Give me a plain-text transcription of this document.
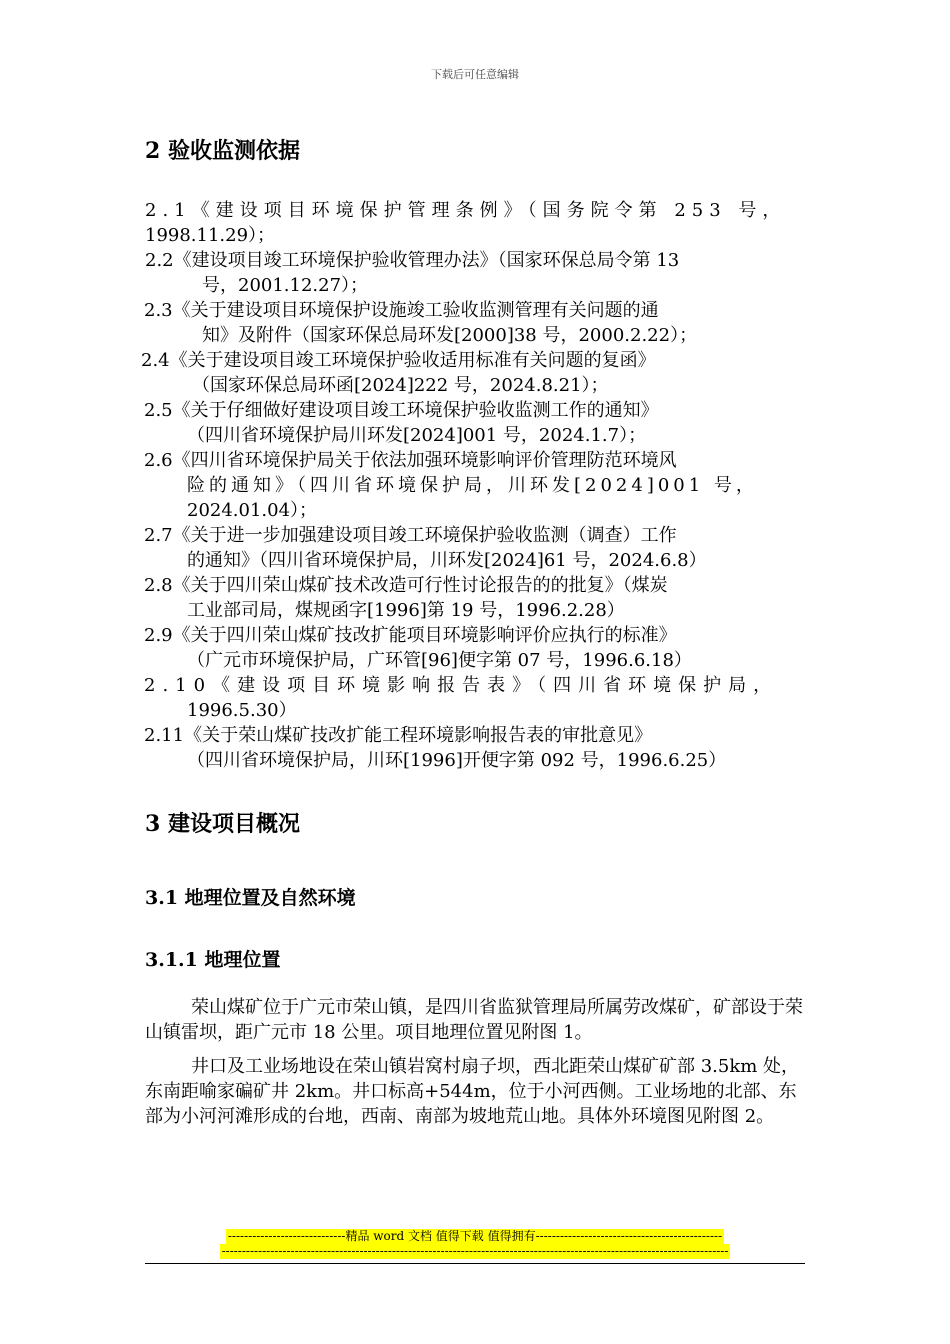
下载后可任意编辑
2 验收监测依据
2.1《建设项目环境保护管理条例》（国务院令第 253 号，
1998.11.29）；
2.2《建设项目竣工环境保护验收管理办法》（国家环保总局令第 13
号，2001.12.27）；
2.3《关于建设项目环境保护设施竣工验收监测管理有关问题的通
知》及附件（国家环保总局环发[2000]38 号，2000.2.22）；
2.4《关于建设项目竣工环境保护验收适用标准有关问题的复函》
（国家环保总局环函[2024]222 号，2024.8.21）；
2.5《关于仔细做好建设项目竣工环境保护验收监测工作的通知》
（四川省环境保护局川环发[2024]001 号，2024.1.7）；
2.6《四川省环境保护局关于依法加强环境影响评价管理防范环境风
险的通知》（四川省环境保护局，川环发[2024]001 号，
2024.01.04）；
2.7《关于进一步加强建设项目竣工环境保护验收监测（调查）工作
的通知》（四川省环境保护局，川环发[2024]61 号，2024.6.8）
2.8《关于四川荣山煤矿技术改造可行性讨论报告的的批复》（煤炭
工业部司局，煤规函字[1996]第 19 号，1996.2.28）
2.9《关于四川荣山煤矿技改扩能项目环境影响评价应执行的标准》
（广元市环境保护局，广环管[96]便字第 07 号，1996.6.18）
2.10《建设项目环境影响报告表》（四川省环境保护局，
1996.5.30）
2.11《关于荣山煤矿技改扩能工程环境影响报告表的审批意见》
（四川省环境保护局，川环[1996]开便字第 092 号，1996.6.25）
3 建设项目概况
3.1 地理位置及自然环境
3.1.1 地理位置

荣山煤矿位于广元市荣山镇，是四川省监狱管理局所属劳改煤矿，矿部设于荣山镇雷坝，距广元市 18 公里。项目地理位置见附图 1。

井口及工业场地设在荣山镇岩窝村扇子坝，西北距荣山煤矿矿部 3.5km 处，东南距喻家碥矿井 2km。井口标高+544m，位于小河西侧。工业场地的北部、东部为小河河滩形成的台地，西南、南部为坡地荒山地。具体外环境图见附图 2。

-----------------------------精品 word 文档 值得下载 值得拥有----------------------------------------------
-----------------------------------------------------------------------------------------------------------------------------
